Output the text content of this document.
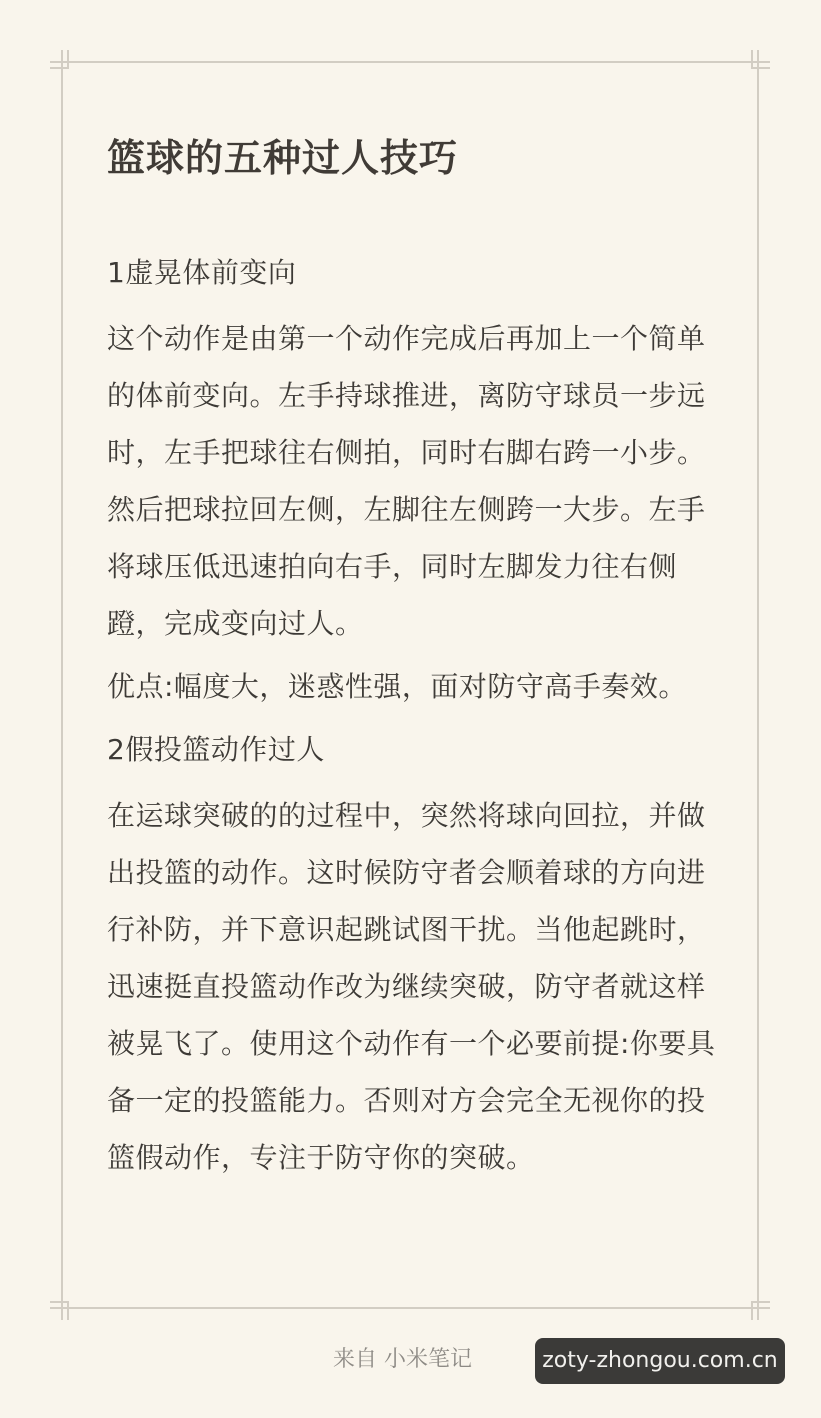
篮球的五种过人技巧
1虚晃体前变向
这个动作是由第一个动作完成后再加上一个简单的体前变向。左手持球推进，离防守球员一步远时，左手把球往右侧拍，同时右脚右跨一小步。然后把球拉回左侧，左脚往左侧跨一大步。左手将球压低迅速拍向右手，同时左脚发力往右侧蹬，完成变向过人。
优点:幅度大，迷惑性强，面对防守高手奏效。
2假投篮动作过人
在运球突破的的过程中，突然将球向回拉，并做出投篮的动作。这时候防守者会顺着球的方向进行补防，并下意识起跳试图干扰。当他起跳时，迅速挺直投篮动作改为继续突破，防守者就这样被晃飞了。使用这个动作有一个必要前提:你要具备一定的投篮能力。否则对方会完全无视你的投篮假动作，专注于防守你的突破。
来自 小米笔记	zoty-zhongou.com.cn
